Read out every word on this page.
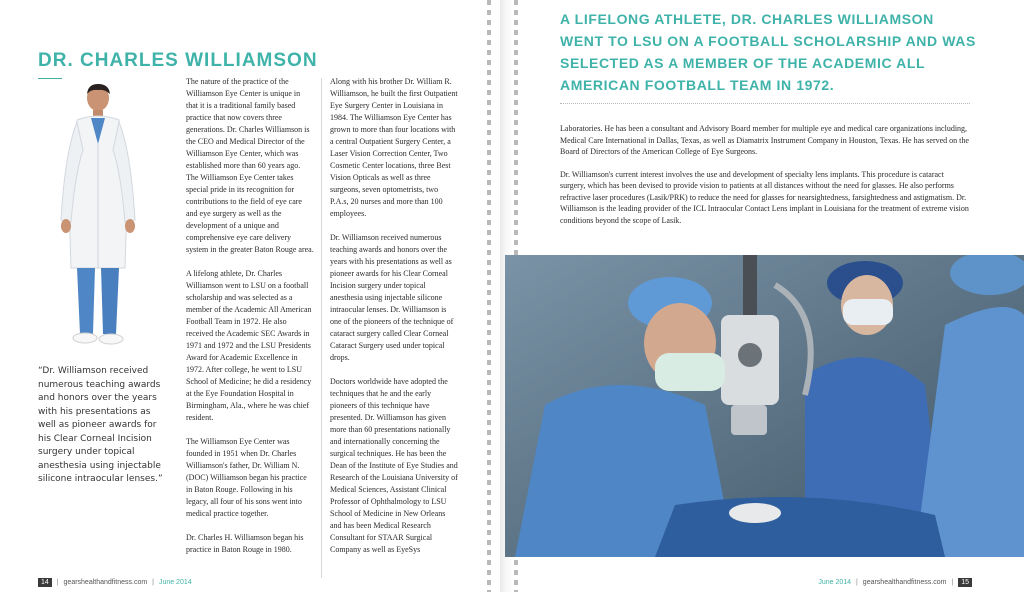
DR. CHARLES WILLIAMSON

“Dr. Williamson received numerous teaching awards and honors over the years with his presentations as well as pioneer awards for his Clear Corneal Incision surgery under topical anesthesia using injectable silicone intraocular lenses.”

The nature of the practice of the Williamson Eye Center is unique in that it is a traditional family based practice that now covers three generations. Dr. Charles Williamson is the CEO and Medical Director of the Williamson Eye Center, which was established more than 60 years ago. The Williamson Eye Center takes special pride in its recognition for contributions to the field of eye care and eye surgery as well as the development of a unique and comprehensive eye care delivery system in the greater Baton Rouge area.

A lifelong athlete, Dr. Charles Williamson went to LSU on a football scholarship and was selected as a member of the Academic All American Football Team in 1972. He also received the Academic SEC Awards in 1971 and 1972 and the LSU Presidents Award for Academic Excellence in 1972. After college, he went to LSU School of Medicine; he did a residency at the Eye Foundation Hospital in Birmingham, Ala., where he was chief resident.

The Williamson Eye Center was founded in 1951 when Dr. Charles Williamson's father, Dr. William N. (DOC) Williamson began his practice in Baton Rouge. Following in his legacy, all four of his sons went into medical practice together.

Dr. Charles H. Williamson began his practice in Baton Rouge in 1980.

Along with his brother Dr. William R. Williamson, he built the first Outpatient Eye Surgery Center in Louisiana in 1984. The Williamson Eye Center has grown to more than four locations with a central Outpatient Surgery Center, a Laser Vision Correction Center, Two Cosmetic Center locations, three Best Vision Opticals as well as three surgeons, seven optometrists, two P.A.s, 20 nurses and more than 100 employees.

Dr. Williamson received numerous teaching awards and honors over the years with his presentations as well as pioneer awards for his Clear Corneal Incision surgery under topical anesthesia using injectable silicone intraocular lenses. Dr. Williamson is one of the pioneers of the technique of cataract surgery called Clear Corneal Cataract Surgery used under topical drops.

Doctors worldwide have adopted the techniques that he and the early pioneers of this technique have presented. Dr. Williamson has given more than 60 presentations nationally and internationally concerning the surgical techniques. He has been the Dean of the Institute of Eye Studies and Research of the Louisiana University of Medical Sciences, Assistant Clinical Professor of Ophthalmology to LSU School of Medicine in New Orleans and has been Medical Research Consultant for STAAR Surgical Company as well as EyeSys

14 | gearshealthandfitness.com | June 2014
A LIFELONG ATHLETE, DR. CHARLES WILLIAMSON WENT TO LSU ON A FOOTBALL SCHOLARSHIP AND WAS SELECTED AS A MEMBER OF THE ACADEMIC ALL AMERICAN FOOTBALL TEAM IN 1972.

Laboratories. He has been a consultant and Advisory Board member for multiple eye and medical care organizations including, Medical Care International in Dallas, Texas, as well as Diamatrix Instrument Company in Houston, Texas. He has served on the Board of Directors of the American College of Eye Surgeons.

Dr. Williamson's current interest involves the use and development of specialty lens implants. This procedure is cataract surgery, which has been devised to provide vision to patients at all distances without the need for glasses. He also performs refractive laser procedures (Lasik/PRK) to reduce the need for glasses for nearsightedness, farsightedness and astigmatism. Dr. Williamson is the leading provider of the ICL Intraocular Contact Lens implant in Louisiana for the treatment of extreme vision conditions beyond the scope of Lasik.

June 2014 | gearshealthandfitness.com | 15
